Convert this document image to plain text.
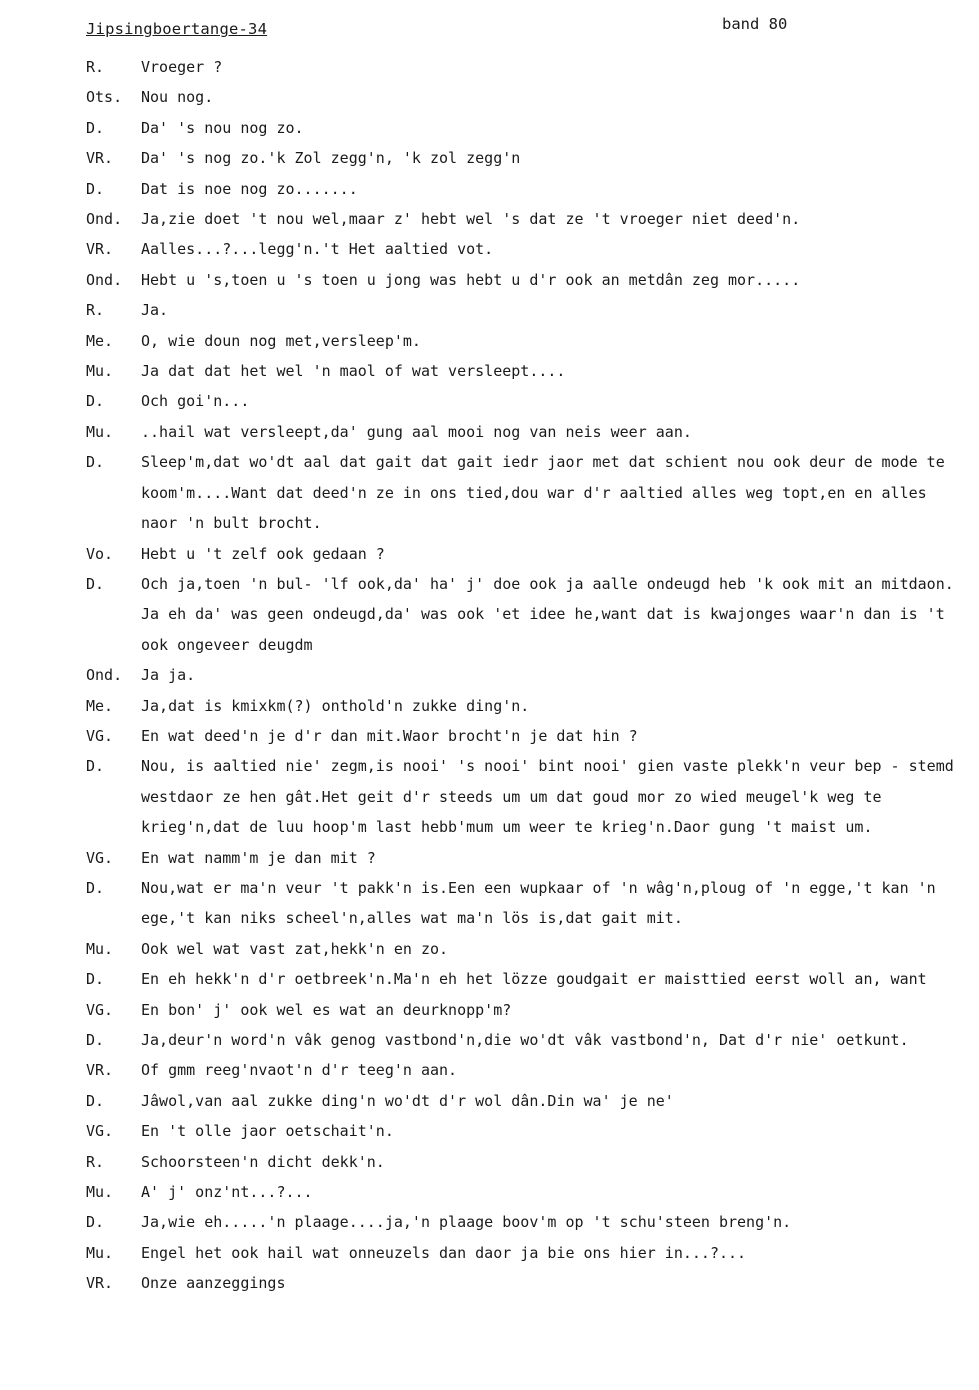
Jipsingboertange-34	band 80
R.	Vroeger ?
Ots.	Nou nog.
D.	Da' 's nou nog zo.
VR.	Da' 's nog zo.'k Zol zegg'n, 'k zol zegg'n
D.	Dat is noe nog zo.......
Ond.	Ja,zie doet 't nou wel,maar z' hebt wel 's dat ze 't vroeger niet deed'n.
VR.	Aalles...?...legg'n.'t Het aaltied vot.
Ond.	Hebt u 's,toen u 's toen u jong was hebt u d'r ook an metdân zeg mor.....
R.	Ja.
Me.	O, wie doun nog met,versleep'm.
Mu.	Ja dat dat het wel 'n maol of wat versleept....
D.	Och goi'n...
Mu.	..hail wat versleept,da' gung aal mooi nog van neis weer aan.
D.	Sleep'm,dat wo'dt aal dat gait dat gait iedr jaor met dat schient nou ook deur de mode te koom'm....Want dat deed'n ze in ons tied,dou war d'r aaltied alles weg topt,en en alles naor 'n bult brocht.
Vo.	Hebt u 't zelf ook gedaan ?
D.	Och ja,toen 'n bul- 'lf ook,da' ha' j' doe ook ja aalle ondeugd heb 'k ook mit an mitdaon. Ja eh da' was geen ondeugd,da' was ook 'et idee he,want dat is kwajonges waar'n dan is 't ook ongeveer deugdm
Ond.	Ja ja.
Me.	Ja,dat is kmixkm(?) onthold'n zukke ding'n.
VG.	En wat deed'n je d'r dan mit.Waor brocht'n je dat hin ?
D.	Nou, is aaltied nie' zegm,is nooi' 's nooi' bint nooi' gien vaste plekk'n veur bep - stemd westdaor ze hen gât.Het geit d'r steeds um um dat goud mor zo wied meugel'k weg te krieg'n,dat de luu hoop'm last hebb'mum um weer te krieg'n.Daor gung 't maist um.
VG.	En wat namm'm je dan mit ?
D.	Nou,wat er ma'n veur 't pakk'n is.Een een wupkaar of 'n wâg'n,ploug of 'n egge,'t kan 'n ege,'t kan niks scheel'n,alles wat ma'n lös is,dat gait mit.
Mu.	Ook wel wat vast zat,hekk'n en zo.
D.	En eh hekk'n d'r oetbreek'n.Ma'n eh het lözze goudgait er maisttied eerst woll an, want
VG.	En bon' j' ook wel es wat an deurknopp'm?
D.	Ja,deur'n word'n vâk genog vastbond'n,die wo'dt vâk vastbond'n, Dat d'r nie' oetkunt.
VR.	Of gmm reeg'nvaot'n d'r teeg'n aan.
D.	Jâwol,van aal zukke ding'n wo'dt d'r wol dân.Din wa' je ne'
VG.	En 't olle jaor oetschait'n.
R.	Schoorsteen'n dicht dekk'n.
Mu.	A' j' onz'nt...?...
D.	Ja,wie eh.....'n plaage....ja,'n plaage boov'm op 't schu'steen breng'n.
Mu.	Engel het ook hail wat onneuzels dan daor ja bie ons hier in...?...
VR.	Onze aanzeggings
